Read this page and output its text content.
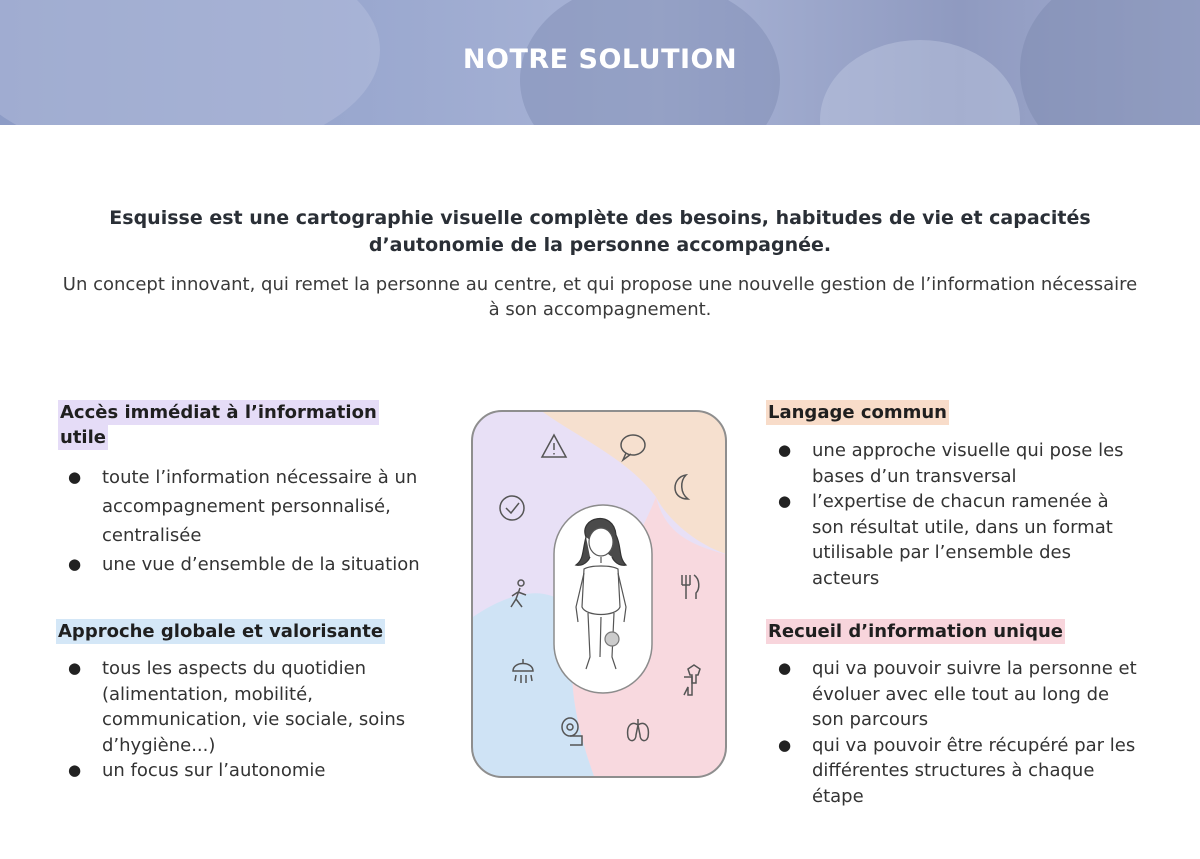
NOTRE SOLUTION
Esquisse est une cartographie visuelle complète des besoins, habitudes de vie et capacités d’autonomie de la personne accompagnée.
Un concept innovant, qui remet la personne au centre, et qui propose une nouvelle gestion de l’information nécessaire à son accompagnement.
Accès immédiat à l’information
utile
● toute l’information nécessaire à un accompagnement personnalisé, centralisée
● une vue d’ensemble de la situation
Approche globale et valorisante
● tous les aspects du quotidien (alimentation, mobilité, communication, vie sociale, soins d’hygiène...)
● un focus sur l’autonomie
Langage commun
● une approche visuelle qui pose les bases d’un transversal
● l’expertise de chacun ramenée à son résultat utile, dans un format utilisable par l’ensemble des acteurs
Recueil d’information unique
● qui va pouvoir suivre la personne et évoluer avec elle tout au long de son parcours
● qui va pouvoir être récupéré par les différentes structures à chaque étape
